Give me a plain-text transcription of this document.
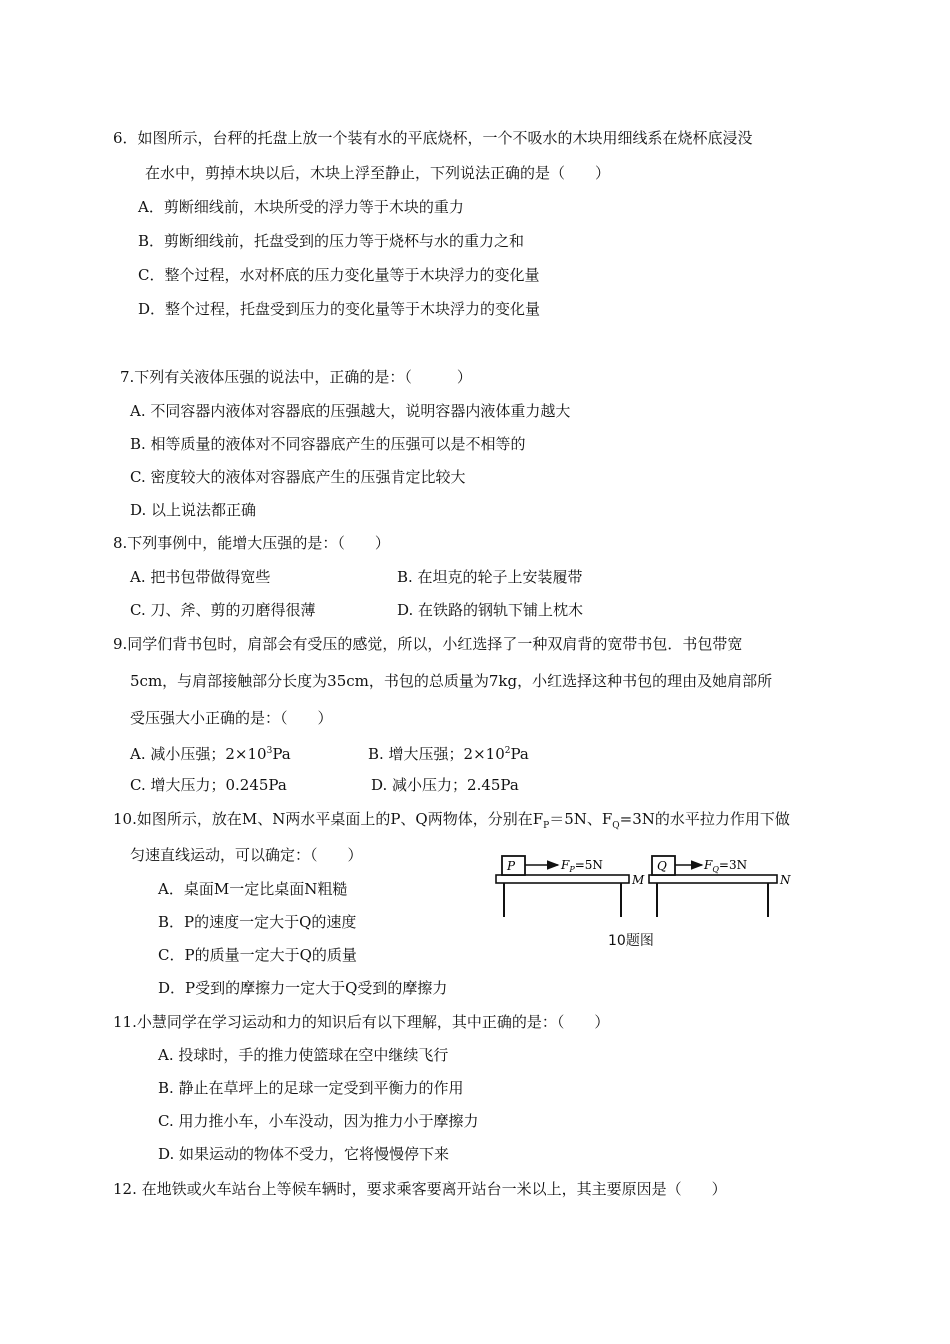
6．如图所示，台秤的托盘上放一个装有水的平底烧杯，一个不吸水的木块用细线系在烧杯底浸没
在水中，剪掉木块以后，木块上浮至静止，下列说法正确的是（　　）
A．剪断细线前，木块所受的浮力等于木块的重力
B．剪断细线前，托盘受到的压力等于烧杯与水的重力之和
C．整个过程，水对杯底的压力变化量等于木块浮力的变化量
D．整个过程，托盘受到压力的变化量等于木块浮力的变化量
7.下列有关液体压强的说法中，正确的是：（　　　）
A. 不同容器内液体对容器底的压强越大，说明容器内液体重力越大
B. 相等质量的液体对不同容器底产生的压强可以是不相等的
C. 密度较大的液体对容器底产生的压强肯定比较大
D. 以上说法都正确
8.下列事例中，能增大压强的是：（　　）
A. 把书包带做得宽些	B. 在坦克的轮子上安装履带
C. 刀、斧、剪的刃磨得很薄	D. 在铁路的钢轨下铺上枕木
9.同学们背书包时，肩部会有受压的感觉，所以，小红选择了一种双肩背的宽带书包．书包带宽
5cm，与肩部接触部分长度为35cm，书包的总质量为7kg，小红选择这种书包的理由及她肩部所
受压强大小正确的是：（　　）
A. 减小压强；$2\times 10^3Pa$	B. 增大压强；$2\times 10^2Pa$
C. 增大压力；0.245Pa	D. 减小压力；2.45Pa
10.如图所示，放在M、N两水平桌面上的P、Q两物体，分别在$F_P=5N$、$F_Q=3N$的水平拉力作用下做
匀速直线运动，可以确定：（　　）
A．桌面M一定比桌面N粗糙
B．P的速度一定大于Q的速度
C．P的质量一定大于Q的质量
D．P受到的摩擦力一定大于Q受到的摩擦力
P	$F_P=5N$
M
Q	$F_Q=3N$
N
10题图
11.小慧同学在学习运动和力的知识后有以下理解，其中正确的是：（　　）
A. 投球时，手的推力使篮球在空中继续飞行
B. 静止在草坪上的足球一定受到平衡力的作用
C. 用力推小车，小车没动，因为推力小于摩擦力
D. 如果运动的物体不受力，它将慢慢停下来
12. 在地铁或火车站台上等候车辆时，要求乘客要离开站台一米以上，其主要原因是（　　）
